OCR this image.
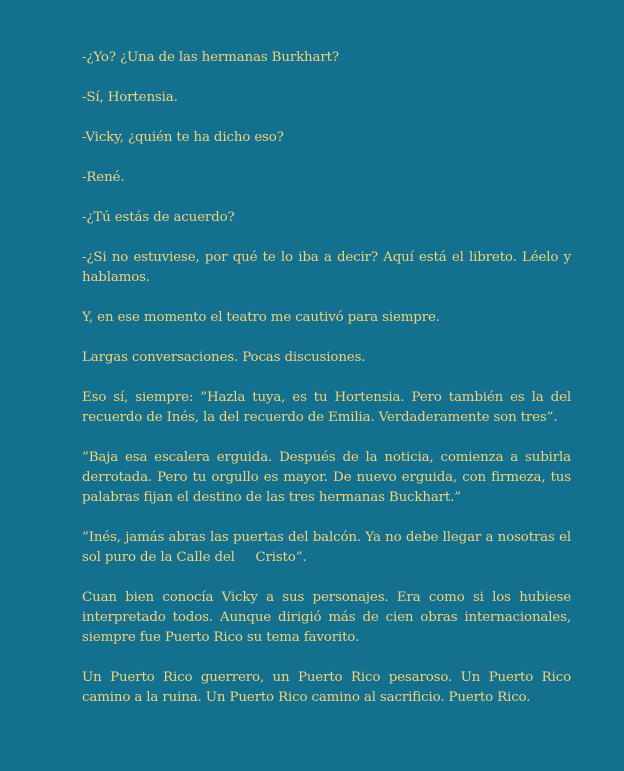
-¿Yo? ¿Una de las hermanas Burkhart?

-Sí, Hortensia.

-Vicky, ¿quién te ha dicho eso?

-René.

-¿Tú estás de acuerdo?

-¿Si no estuviese, por qué te lo iba a decir? Aquí está el libreto. Léelo y hablamos.

Y, en ese momento el teatro me cautivó para siempre.

Largas conversaciones. Pocas discusiones.

Eso sí, siempre: ”Hazla tuya, es tu Hortensia. Pero también es la del recuerdo de Inés, la del recuerdo de Emilia. Verdaderamente son tres”.

”Baja esa escalera erguida. Después de la noticia, comienza a subirla derrotada. Pero tu orgullo es mayor. De nuevo erguida, con firmeza, tus palabras fijan el destino de las tres hermanas Buckhart.”

”Inés, jamás abras las puertas del balcón. Ya no debe llegar a nosotras el sol puro de la Calle del     Cristo”.

Cuan bien conocía Vicky a sus personajes. Era como si los hubiese interpretado todos. Aunque dirigió más de cien obras internacionales, siempre fue Puerto Rico su tema favorito.

Un Puerto Rico guerrero, un Puerto Rico pesaroso. Un Puerto Rico camino a la ruina. Un Puerto Rico camino al sacrificio. Puerto Rico.
